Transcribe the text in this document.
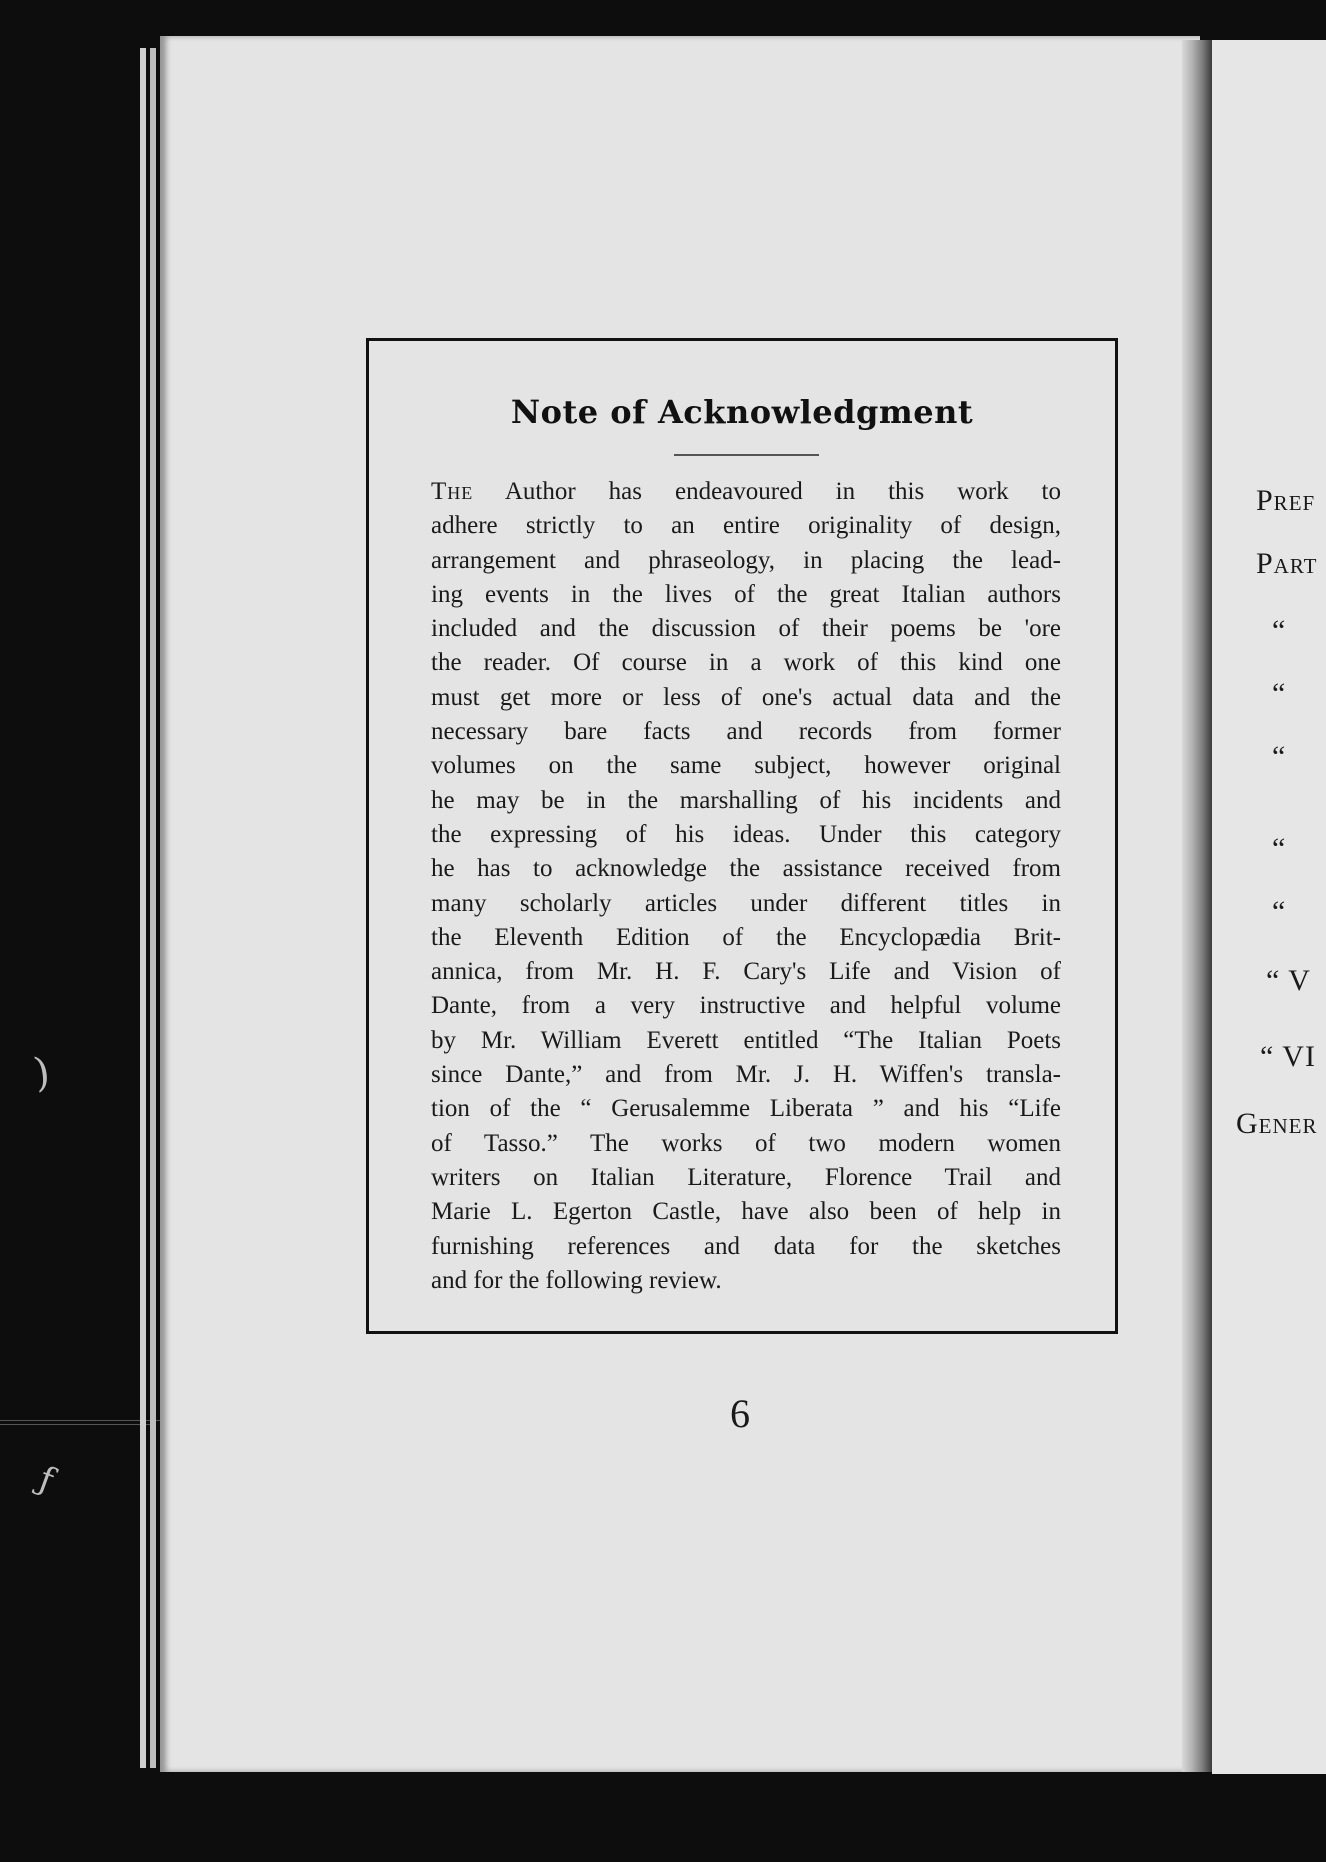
)
ƒ
Note of Acknowledgment
The Author has endeavoured in this work to
adhere strictly to an entire originality of design,
arrangement and phraseology, in placing the lead-
ing events in the lives of the great Italian authors
included and the discussion of their poems be 'ore
the reader. Of course in a work of this kind one
must get more or less of one's actual data and the
necessary bare facts and records from former
volumes on the same subject, however original
he may be in the marshalling of his incidents and
the expressing of his ideas. Under this category
he has to acknowledge the assistance received from
many scholarly articles under different titles in
the Eleventh Edition of the Encyclopædia Brit-
annica, from Mr. H. F. Cary's Life and Vision of
Dante, from a very instructive and helpful volume
by Mr. William Everett entitled “The Italian Poets
since Dante,” and from Mr. J. H. Wiffen's transla-
tion of the “ Gerusalemme Liberata ” and his “Life
of Tasso.” The works of two modern women
writers on Italian Literature, Florence Trail and
Marie L. Egerton Castle, have also been of help in
furnishing references and data for the sketches
and for the following review.
6
Pref
Part
“
“
“
“
“
“ V
“ VI
Gener
